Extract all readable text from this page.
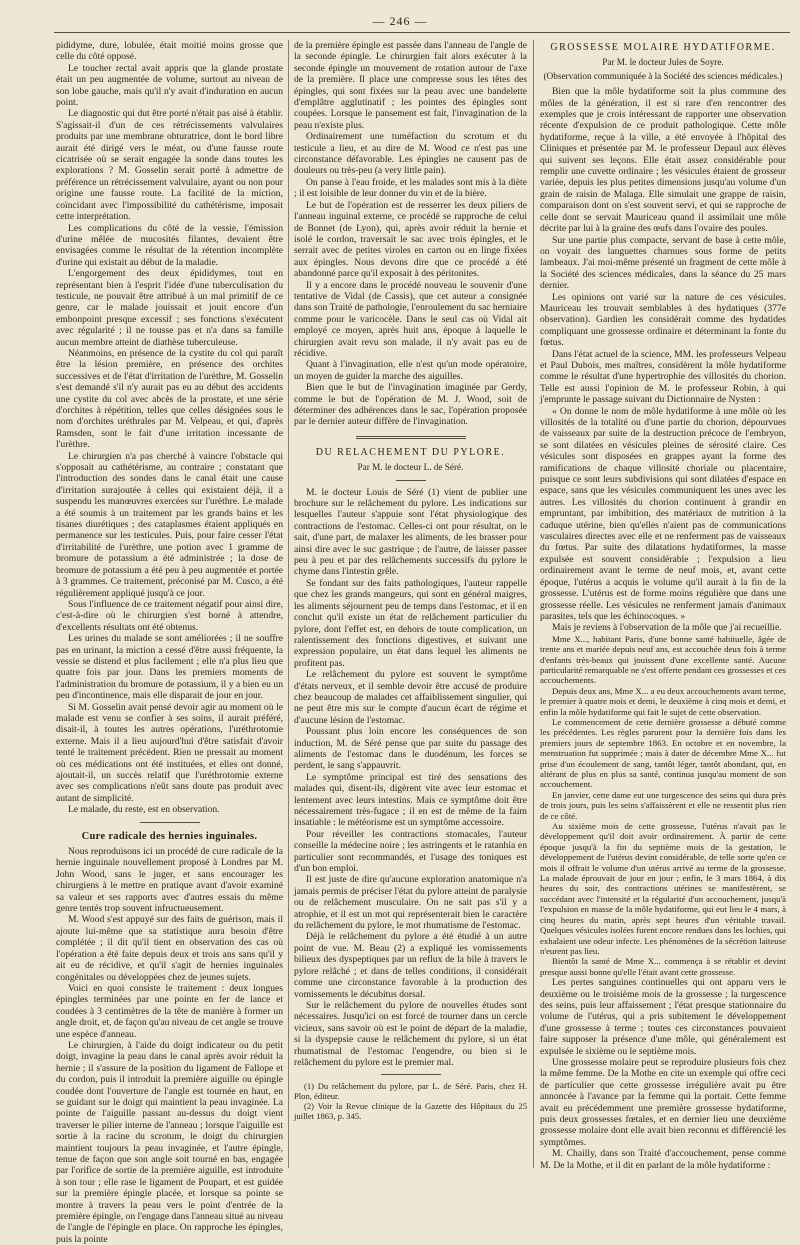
— 246 —

pididyme, dure, lobulée, était moitié moins grosse que celle du côté opposé.

Le toucher rectal avait appris que la glande prostate était un peu augmentée de volume, surtout au niveau de son lobe gauche, mais qu'il n'y avait d'induration en aucun point.

Le diagnostic qui dut être porté n'était pas aisé à établir. S'agissait-il d'un de ces rétrécissements valvulaires produits par une membrane obturatrice, dont le bord libre aurait été dirigé vers le méat, ou d'une fausse route cicatrisée où se serait engagée la sonde dans toutes les explorations ? M. Gosselin serait porté à admettre de préférence un rétrécissement valvulaire, ayant ou non pour origine une fausse route. La facilité de la miction, coïncidant avec l'impossibilité du cathétérisme, imposait cette interprétation.

Les complications du côté de la vessie, l'émission d'urine mêlée de mucosités filantes, devaient être envisagées comme le résultat de la rétention incomplète d'urine qui existait au début de la maladie.

L'engorgement des deux épididymes, tout en représentant bien à l'esprit l'idée d'une tuberculisation du testicule, ne pouvait être attribué à un mal primitif de ce genre, car le malade jouissait et jouit encore d'un embonpoint presque excessif ; ses fonctions s'exécutent avec régularité ; il ne tousse pas et n'a dans sa famille aucun membre atteint de diathèse tuberculeuse.

Néanmoins, en présence de la cystite du col qui paraît être la lésion première, en présence des orchites successives et de l'état d'irritation de l'urèthre, M. Gosselin s'est demandé s'il n'y aurait pas eu au début des accidents une cystite du col avec abcès de la prostate, et une série d'orchites à répétition, telles que celles désignées sous le nom d'orchites uréthrales par M. Velpeau, et qui, d'après Ramsden, sont le fait d'une irritation incessante de l'urèthre.

Le chirurgien n'a pas cherché à vaincre l'obstacle qui s'opposait au cathétérisme, au contraire ; constatant que l'introduction des sondes dans le canal était une cause d'irritation surajoutée à celles qui existaient déjà, il a suspendu les manœuvres exercées sur l'urèthre. Le malade a été soumis à un traitement par les grands bains et les tisanes diurétiques ; des cataplasmes étaient appliqués en permanence sur les testicules. Puis, pour faire cesser l'état d'irritabilité de l'urèthre, une potion avec 1 gramme de bromure de potassium a été administrée ; la dose de bromure de potassium a été peu à peu augmentée et portée à 3 grammes. Ce traitement, préconisé par M. Cusco, a été régulièrement appliqué jusqu'à ce jour.

Sous l'influence de ce traitement négatif pour ainsi dire, c'est-à-dire où le chirurgien s'est borné à attendre, d'excellents résultats ont été obtenus.

Les urines du malade se sont améliorées ; il ne souffre pas en urinant, la miction a cessé d'être aussi fréquente, la vessie se distend et plus facilement ; elle n'a plus lieu que quatre fois par jour. Dans les premiers moments de l'administration du bromure de potassium, il y a bien eu un peu d'incontinence, mais elle disparait de jour en jour.

Si M. Gosselin avait pensé devoir agir au moment où le malade est venu se confier à ses soins, il aurait préféré, disait-il, à toutes les autres opérations, l'uréthrotomie externe. Mais il a lieu aujourd'hui d'être satisfait d'avoir tenté le traitement précédent. Rien ne pressait au moment où ces médications ont été instituées, et elles ont donné, ajoutait-il, un succès relatif que l'uréthrotomie externe avec ses complications n'eût sans doute pas produit avec autant de simplicité.

Le malade, du reste, est en observation.

Cure radicale des hernies inguinales.

Nous reproduisons ici un procédé de cure radicale de la hernie inguinale nouvellement proposé à Londres par M. John Wood, sans le juger, et sans encourager les chirurgiens à le mettre en pratique avant d'avoir examiné sa valeur et ses rapports avec d'autres essais du même genre tentés trop souvent infructueusement.

M. Wood s'est appuyé sur des faits de guérison, mais il ajoute lui-même que sa statistique aura besoin d'être complétée ; il dit qu'il tient en observation des cas où l'opération a été faite depuis deux et trois ans sans qu'il y ait eu de récidive, et qu'il s'agit de hernies inguinales congénitales ou développées chez de jeunes sujets.

Voici en quoi consiste le traitement : deux longues épingles terminées par une pointe en fer de lance et coudées à 3 centimètres de la tête de manière à former un angle droit, et, de façon qu'au niveau de cet angle se trouve une espèce d'anneau.

Le chirurgien, à l'aide du doigt indicateur ou du petit doigt, invagine la peau dans le canal après avoir réduit la hernie ; il s'assure de la position du ligament de Fallope et du cordon, puis il introduit la première aiguille ou épingle coudée dont l'ouverture de l'angle est tournée en haut, en se guidant sur le doigt qui maintient la peau invaginée. La pointe de l'aiguille passant au-dessus du doigt vient traverser le pilier interne de l'anneau ; lorsque l'aiguille est sortie à la racine du scrotum, le doigt du chirurgien maintient toujours la peau invaginée, et l'autre épingle, tenue de façon que son angle soit tourné en bas, engagée par l'orifice de sortie de la première aiguille, est introduite à son tour ; elle rase le ligament de Poupart, et est guidée sur la première épingle placée, et lorsque sa pointe se montre à travers la peau vers le point d'entrée de la première épingle, on l'engage dans l'anneau situé au niveau de l'angle de l'épingle en place. On rapproche les épingles, puis la pointe

de la première épingle est passée dans l'anneau de l'angle de la seconde épingle. Le chirurgien fait alors exécuter à la seconde épingle un mouvement de rotation autour de l'axe de la première. Il place une compresse sous les têtes des épingles, qui sont fixées sur la peau avec une bandelette d'emplâtre agglutinatif ; les pointes des épingles sont coupées. Lorsque le pansement est fait, l'invagination de la peau n'existe plus.

Ordinairement une tuméfaction du scrotum et du testicule a lieu, et au dire de M. Wood ce n'est pas une circonstance défavorable. Les épingles ne causent pas de douleurs ou très-peu (a very little pain).

On panse à l'eau froide, et les malades sont mis à la diète ; il est loisible de leur donner du vin et de la bière.

Le but de l'opération est de resserrer les deux piliers de l'anneau inguinal externe, ce procédé se rapproche de celui de Bonnet (de Lyon), qui, après avoir réduit la hernie et isolé le cordon, traversait le sac avec trois épingles, et le serrait avec de petites viroles en carton ou en linge fixées aux épingles. Nous devons dire que ce procédé a été abandonné parce qu'il exposait à des péritonites.

Il y a encore dans le procédé nouveau le souvenir d'une tentative de Vidal (de Cassis), que cet auteur a consignée dans son Traité de pathologie, l'enroulement du sac herniaire comme pour le varicocèle. Dans le seul cas où Vidal ait employé ce moyen, après huit ans, époque à laquelle le chirurgien avait revu son malade, il n'y avait pas eu de récidive.

Quant à l'invagination, elle n'est qu'un mode opératoire, un moyen de guider la marche des aiguilles.

Bien que le but de l'invagination imaginée par Gerdy, comme le but de l'opération de M. J. Wood, soit de déterminer des adhérences dans le sac, l'opération proposée par le dernier auteur diffère de l'invagination.

DU RELACHEMENT DU PYLORE.

Par M. le docteur L. de Séré.

M. le docteur Louis de Séré (1) vient de publier une brochure sur le relâchement du pylore. Les indications sur lesquelles l'auteur s'appuie sont l'état physiologique des contractions de l'estomac. Celles-ci ont pour résultat, on le sait, d'une part, de malaxer les aliments, de les brasser pour ainsi dire avec le suc gastrique ; de l'autre, de laisser passer peu à peu et par des relâchements successifs du pylore le chyme dans l'intestin grêle.

Se fondant sur des faits pathologiques, l'auteur rappelle que chez les grands mangeurs, qui sont en général maigres, les aliments séjournent peu de temps dans l'estomac, et il en conclut qu'il existe un état de relâchement particulier du pylore, dont l'effet est, en dehors de toute complication, un ralentissement des fonctions digestives, et suivant une expression populaire, un état dans lequel les aliments ne profitent pas.

Le relâchement du pylore est souvent le symptôme d'états nerveux, et il semble devoir être accusé de produire chez beaucoup de malades cet affaiblissement singulier, qui ne peut être mis sur le compte d'aucun écart de régime et d'aucune lésion de l'estomac.

Poussant plus loin encore les conséquences de son induction, M. de Séré pense que par suite du passage des aliments de l'estomac dans le duodénum, les forces se perdent, le sang s'appauvrit.

Le symptôme principal est tiré des sensations des malades qui, disent-ils, digèrent vite avec leur estomac et lentement avec leurs intestins. Mais ce symptôme doit être nécessairement très-fugace ; il en est de même de la faim insatiable : le météorisme est un symptôme accessoire.

Pour réveiller les contractions stomacales, l'auteur conseille la médecine noire ; les astringents et le ratanhia en particulier sont recommandés, et l'usage des toniques est d'un bon emploi.

Il est juste de dire qu'aucune exploration anatomique n'a jamais permis de préciser l'état du pylore atteint de paralysie ou de relâchement musculaire. On ne sait pas s'il y a atrophie, et il est un mot qui représenterait bien le caractère du relâchement du pylore, le mot rhumatisme de l'estomac.

Déjà le relâchement du pylore a été étudié à un autre point de vue. M. Beau (2) a expliqué les vomissements bilieux des dyspeptiques par un reflux de la bile à travers le pylore relâché ; et dans de telles conditions, il considérait comme une circonstance favorable à la production des vomissements le décubitus dorsal.

Sur le relâchement du pylore de nouvelles études sont nécessaires. Jusqu'ici on est forcé de tourner dans un cercle vicieux, sans savoir où est le point de départ de la maladie, si la dyspepsie cause le relâchement du pylore, si un état rhumatismal de l'estomac l'engendre, ou bien si le relâchement du pylore est le premier mal.

(1) Du relâchement du pylore, par L. de Séré. Paris, chez H. Plon, éditeur.

(2) Voir la Revue clinique de la Gazette des Hôpitaux du 25 juillet 1863, p. 345.

GROSSESSE MOLAIRE HYDATIFORME.

Par M. le docteur Jules de Soyre.

(Observation communiquée à la Société des sciences médicales.)

Bien que la môle hydatiforme soit la plus commune des môles de la génération, il est si rare d'en rencontrer des exemples que je crois intéressant de rapporter une observation récente d'expulsion de ce produit pathologique. Cette môle hydatiforme, reçue à la ville, a été envoyée à l'hôpital des Cliniques et présentée par M. le professeur Depaul aux élèves qui suivent ses leçons. Elle était assez considérable pour remplir une cuvette ordinaire ; les vésicules étaient de grosseur variée, depuis les plus petites dimensions jusqu'au volume d'un grain de raisin de Malaga. Elle simulait une grappe de raisin, comparaison dont on s'est souvent servi, et qui se rapproche de celle dont se servait Mauriceau quand il assimilait une môle décrite par lui à la graine des œufs dans l'ovaire des poules.

Sur une partie plus compacte, servant de base à cette môle, on voyait des languettes charnues sous forme de petits lambeaux. J'ai moi-même présenté un fragment de cette môle à la Société des sciences médicales, dans la séance du 25 mars dernier.

Les opinions ont varié sur la nature de ces vésicules. Mauriceau les trouvait semblables à des hydatiques (377e observation). Gardien les considérait comme des hydatides compliquant une grossesse ordinaire et déterminant la fonte du fœtus.

Dans l'état actuel de la science, MM. les professeurs Velpeau et Paul Dubois, mes maîtres, considèrent la môle hydatiforme comme le résultat d'une hypertrophie des villosités du chorion. Telle est aussi l'opinion de M. le professeur Robin, à qui j'emprunte le passage suivant du Dictionnaire de Nysten :

« On donne le nom de môle hydatiforme à une môle où les villosités de la totalité ou d'une partie du chorion, dépourvues de vaisseaux par suite de la destruction précoce de l'embryon, se sont dilatées en vésicules pleines de sérosité claire. Ces vésicules sont disposées en grappes ayant la forme des ramifications de chaque villosité choriale ou placentaire, puisque ce sont leurs subdivisions qui sont dilatées d'espace en espace, sans que les vésicules communiquent les unes avec les autres. Les villosités du chorion continuent à grandir en empruntant, par imbibition, des matériaux de nutrition à la caduque utérine, bien qu'elles n'aient pas de communications vasculaires directes avec elle et ne renferment pas de vaisseaux du fœtus. Par suite des dilatations hydatiformes, la masse expulsée est souvent considérable ; l'expulsion a lieu ordinairement avant le terme de neuf mois, et, avant cette époque, l'utérus a acquis le volume qu'il aurait à la fin de la grossesse. L'utérus est de forme moins régulière que dans une grossesse réelle. Les vésicules ne renferment jamais d'animaux parasites, tels que les échinocoques. »

Mais je reviens à l'observation de la môle que j'ai recueillie.

Mme X..., habitant Paris, d'une bonne santé habituelle, âgée de trente ans et mariée depuis neuf ans, est accouchée deux fois à terme d'enfants très-beaux qui jouissent d'une excellente santé. Aucune particularité remarquable ne s'est offerte pendant ces grossesses et ces accouchements.

Depuis deux ans, Mme X... a eu deux accouchements avant terme, le premier à quatre mois et demi, le deuxième à cinq mois et demi, et enfin la môle hydatiforme qui fait le sujet de cette observation.

Le commencement de cette dernière grossesse a débuté comme les précédentes. Les règles parurent pour la dernière fois dans les premiers jours de septembre 1863. En octobre et en novembre, la menstruation fut supprimée ; mais à dater de décembre Mme X... fut prise d'un écoulement de sang, tantôt léger, tantôt abondant, qui, en altérant de plus en plus sa santé, continua jusqu'au moment de son accouchement.

En janvier, cette dame eut une turgescence des seins qui dura près de trois jours, puis les seins s'affaissèrent et elle ne ressentit plus rien de ce côté.

Au sixième mois de cette grossesse, l'utérus n'avait pas le développement qu'il doit avoir ordinairement. À partir de cette époque jusqu'à la fin du septième mois de la gestation, le développement de l'utérus devint considérable, de telle sorte qu'en ce mois il offrait le volume d'un utérus arrivé au terme de la grossesse. La malade éprouvait de jour en jour ; enfin, le 3 mars 1864, à dix heures du soir, des contractions utérines se manifestèrent, se succédant avec l'intensité et la régularité d'un accouchement, jusqu'à l'expulsion en masse de la môle hydatiforme, qui eut lieu le 4 mars, à cinq heures du matin, après sept heures d'un véritable travail. Quelques vésicules isolées furent encore rendues dans les lochies, qui exhalaient une odeur infecte. Les phénomènes de la sécrétion laiteuse n'eurent pas lieu.

Bientôt la santé de Mme X... commença à se rétablir et devint presque aussi bonne qu'elle l'était avant cette grossesse.

Les pertes sanguines continuelles qui ont apparu vers le deuxième ou le troisième mois de la grossesse ; la turgescence des seins, puis leur affaissement ; l'état presque stationnaire du volume de l'utérus, qui a pris subitement le développement d'une grossesse à terme ; toutes ces circonstances pouvaient faire supposer la présence d'une môle, qui généralement est expulsée le sixième ou le septième mois.

Une grossesse molaire peut se reproduire plusieurs fois chez la même femme. De la Mothe en cite un exemple qui offre ceci de particulier que cette grossesse irrégulière avait pu être annoncée à l'avance par la femme qui la portait. Cette femme avait eu précédemment une première grossesse hydatiforme, puis deux grossesses fœtales, et en dernier lieu une deuxième grossesse molaire dont elle avait bien reconnu et différencié les symptômes.

M. Chailly, dans son Traité d'accouchement, pense comme M. De la Mothe, et il dit en parlant de la môle hydatiforme :
